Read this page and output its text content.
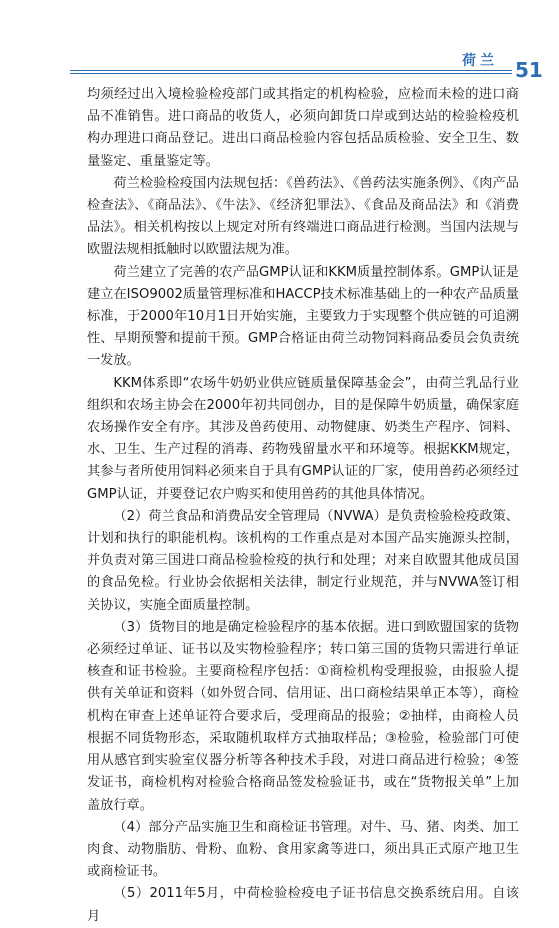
荷兰 51

均须经过出入境检验检疫部门或其指定的机构检验，应检而未检的进口商品不准销售。进口商品的收货人，必须向卸货口岸或到达站的检验检疫机构办理进口商品登记。进出口商品检验内容包括品质检验、安全卫生、数量鉴定、重量鉴定等。

荷兰检验检疫国内法规包括：《兽药法》、《兽药法实施条例》、《肉产品检查法》、《商品法》、《牛法》、《经济犯罪法》、《食品及商品法》和《消费品法》。相关机构按以上规定对所有终端进口商品进行检测。当国内法规与欧盟法规相抵触时以欧盟法规为准。

荷兰建立了完善的农产品GMP认证和KKM质量控制体系。GMP认证是建立在ISO9002质量管理标准和HACCP技术标准基础上的一种农产品质量标准，于2000年10月1日开始实施，主要致力于实现整个供应链的可追溯性、早期预警和提前干预。GMP合格证由荷兰动物饲料商品委员会负责统一发放。

KKM体系即“农场牛奶奶业供应链质量保障基金会”，由荷兰乳品行业组织和农场主协会在2000年初共同创办，目的是保障牛奶质量，确保家庭农场操作安全有序。其涉及兽药使用、动物健康、奶类生产程序、饲料、水、卫生、生产过程的消毒、药物残留量水平和环境等。根据KKM规定，其参与者所使用饲料必须来自于具有GMP认证的厂家，使用兽药必须经过GMP认证，并要登记农户购买和使用兽药的其他具体情况。

（2）荷兰食品和消费品安全管理局（NVWA）是负责检验检疫政策、计划和执行的职能机构。该机构的工作重点是对本国产品实施源头控制，并负责对第三国进口商品检验检疫的执行和处理；对来自欧盟其他成员国的食品免检。行业协会依据相关法律，制定行业规范，并与NVWA签订相关协议，实施全面质量控制。

（3）货物目的地是确定检验程序的基本依据。进口到欧盟国家的货物必须经过单证、证书以及实物检验程序；转口第三国的货物只需进行单证核查和证书检验。主要商检程序包括：①商检机构受理报验，由报验人提供有关单证和资料（如外贸合同、信用证、出口商检结果单正本等），商检机构在审查上述单证符合要求后，受理商品的报验；②抽样，由商检人员根据不同货物形态，采取随机取样方式抽取样品；③检验，检验部门可使用从感官到实验室仪器分析等各种技术手段，对进口商品进行检验；④签发证书，商检机构对检验合格商品签发检验证书，或在“货物报关单”上加盖放行章。

（4）部分产品实施卫生和商检证书管理。对牛、马、猪、肉类、加工肉食、动物脂肪、骨粉、血粉、食用家禽等进口，须出具正式原产地卫生或商检证书。

（5）2011年5月，中荷检验检疫电子证书信息交换系统启用。自该月
